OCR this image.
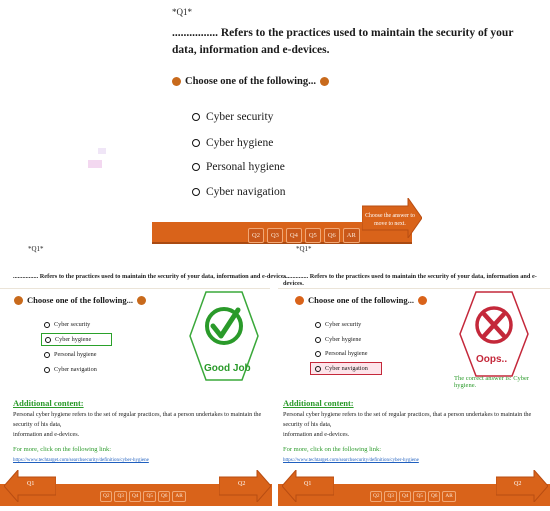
*Q1*
................ Refers to the practices used to maintain the security of your
data, information and e-devices.
Choose one of the following...
Cyber security
Cyber hygiene
Personal hygiene
Cyber navigation
Q2	Q3	Q4	Q5	Q6	AR
Choose the answer to move to next.
*Q1*
................ Refers to the practices used to maintain the security of your data, information and e-devices.
Choose one of the following...
Cyber security
Cyber hygiene
Personal hygiene
Cyber navigation	Good Job
Additional content:
Personal cyber hygiene refers to the set of regular practices, that a person undertakes to maintain the security of his data,
information and e-devices.
For more, click on the following link:
https://www.techtarget.com/searchsecurity/definition/cyber-hygiene
Q1
Q2	Q3	Q4	Q5	Q6	AR
Q2
*Q1*
................ Refers to the practices used to maintain the security of your data, information and e-devices.
Choose one of the following...
Cyber security
Cyber hygiene
Personal hygiene
Cyber navigation
Oops..
The correct answer is: Cyber hygiene.
Additional content:
Personal cyber hygiene refers to the set of regular practices, that a person undertakes to maintain the security of his data,
information and e-devices.
For more, click on the following link:
https://www.techtarget.com/searchsecurity/definition/cyber-hygiene
Q1
Q2	Q3	Q4	Q5	Q6	AR
Q2
